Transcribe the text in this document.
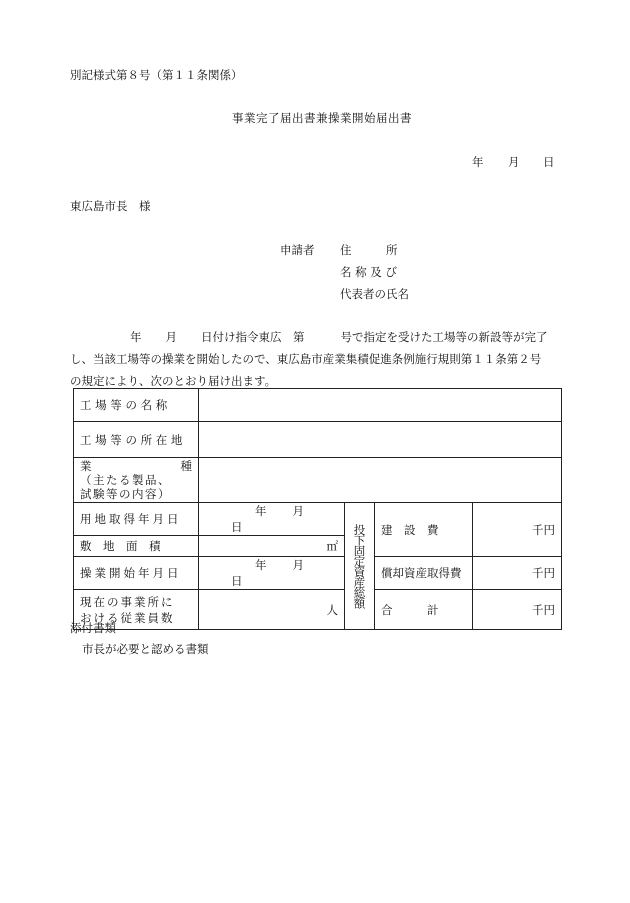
別記様式第８号（第１１条関係）
事業完了届出書兼操業開始届出書
年 月 日
東広島市長　様
申請者 住　　　所
名 称 及 び
代表者の氏名
年 月 日付け指令東広　第	号で指定を受けた工場等の新設等が完了
し、当該工場等の操業を開始したので、東広島市産業集積促進条例施行規則第１１条第２号
の規定により、次のとおり届け出ます。
工 場 等 の 名 称				
工 場 等 の 所 在 地				

業 種
（主たる製品、
試験等の内容）				

用地取得年月日	年 月日	投下固定資産総額	建　設　費	千円
敷　地　面　積	㎡			
操業開始年月日	年 月日		償却資産取得費	千円
現在の事業所に おける従業員数	人		合　　　計	千円
添付書類
市長が必要と認める書類
